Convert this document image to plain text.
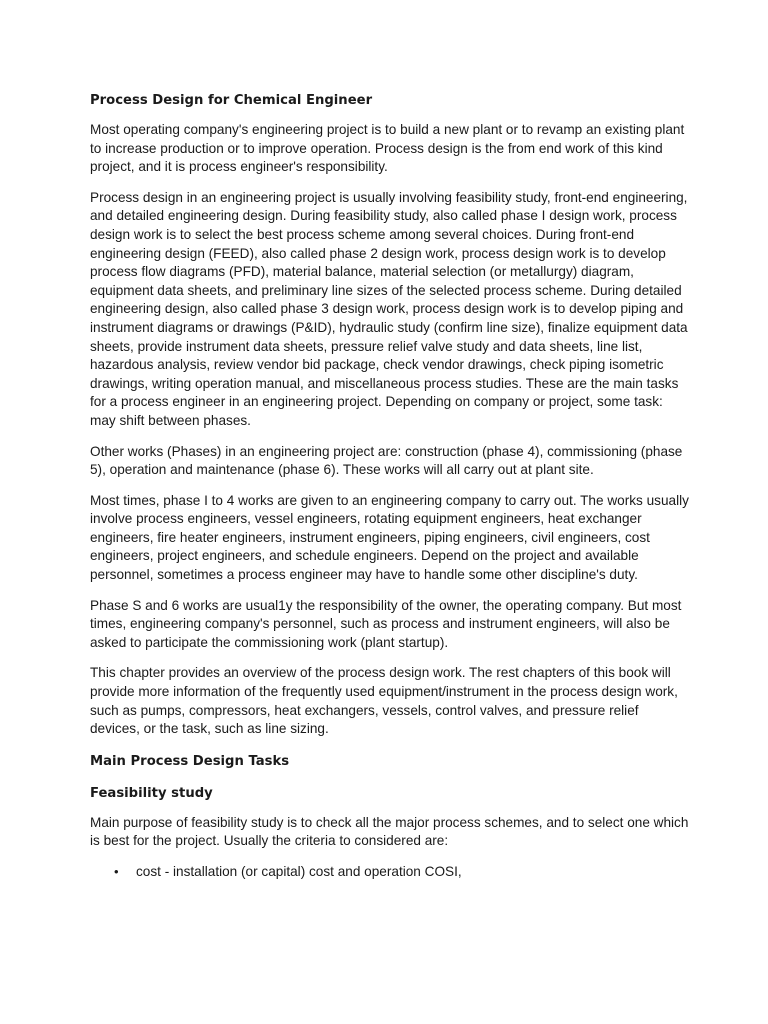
Process Design for Chemical Engineer

Most operating company's engineering project is to build a new plant or to revamp an existing plant to increase production or to improve operation. Process design is the from end work of this kind project, and it is process engineer's responsibility.

Process design in an engineering project is usually involving feasibility study, front-end engineering, and detailed engineering design. During feasibility study, also called phase I design work, process design work is to select the best process scheme among several choices. During front-end engineering design (FEED), also called phase 2 design work, process design work is to develop process flow diagrams (PFD), material balance, material selection (or metallurgy) diagram, equipment data sheets, and preliminary line sizes of the selected process scheme. During detailed engineering design, also called phase 3 design work, process design work is to develop piping and instrument diagrams or drawings (P&ID), hydraulic study (confirm line size), finalize equipment data sheets, provide instrument data sheets, pressure relief valve study and data sheets, line list, hazardous analysis, review vendor bid package, check vendor drawings, check piping isometric drawings, writing operation manual, and miscellaneous process studies. These are the main tasks for a process engineer in an engineering project. Depending on company or project, some task: may shift between phases.

Other works (Phases) in an engineering project are: construction (phase 4), commissioning (phase 5), operation and maintenance (phase 6). These works will all carry out at plant site.

Most times, phase I to 4 works are given to an engineering company to carry out. The works usually involve process engineers, vessel engineers, rotating equipment engineers, heat exchanger engineers, fire heater engineers, instrument engineers, piping engineers, civil engineers, cost engineers, project engineers, and schedule engineers. Depend on the project and available personnel, sometimes a process engineer may have to handle some other discipline's duty.

Phase S and 6 works are usual1y the responsibility of the owner, the operating company. But most times, engineering company's personnel, such as process and instrument engineers, will also be asked to participate the commissioning work (plant startup).

This chapter provides an overview of the process design work. The rest chapters of this book will provide more information of the frequently used equipment/instrument in the process design work, such as pumps, compressors, heat exchangers, vessels, control valves, and pressure relief devices, or the task, such as line sizing.

Main Process Design Tasks
Feasibility study

Main purpose of feasibility study is to check all the major process schemes, and to select one which is best for the project. Usually the criteria to considered are:

• cost - installation (or capital) cost and operation COSI,
